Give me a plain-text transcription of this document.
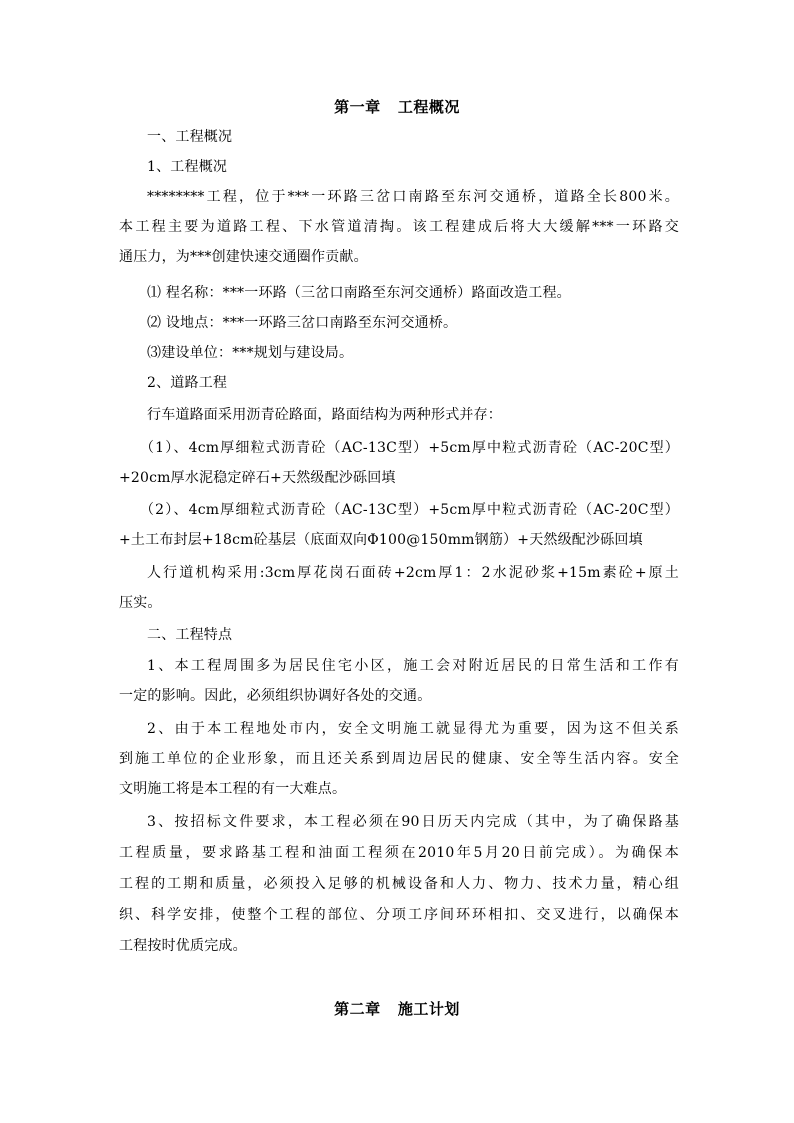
第一章   工程概况
一、工程概况
1、工程概况
********工程，位于***一环路三岔口南路至东河交通桥，道路全长800米。
本工程主要为道路工程、下水管道清掏。该工程建成后将大大缓解***一环路交
通压力，为***创建快速交通圈作贡献。
⑴ 程名称：***一环路（三岔口南路至东河交通桥）路面改造工程。
⑵ 设地点：***一环路三岔口南路至东河交通桥。
⑶建设单位：***规划与建设局。
2、道路工程
行车道路面采用沥青砼路面，路面结构为两种形式并存：
（1）、4cm厚细粒式沥青砼（AC-13C型）+5cm厚中粒式沥青砼（AC-20C型）
+20cm厚水泥稳定碎石+天然级配沙砾回填
（2）、4cm厚细粒式沥青砼（AC-13C型）+5cm厚中粒式沥青砼（AC-20C型）
+土工布封层+18cm砼基层（底面双向Φ100@150mm钢筋）+天然级配沙砾回填
人行道机构采用:3cm厚花岗石面砖+2cm厚1：2水泥砂浆+15m素砼+原土
压实。
二、工程特点
1、本工程周围多为居民住宅小区，施工会对附近居民的日常生活和工作有
一定的影响。因此，必须组织协调好各处的交通。
2、由于本工程地处市内，安全文明施工就显得尤为重要，因为这不但关系
到施工单位的企业形象，而且还关系到周边居民的健康、安全等生活内容。安全
文明施工将是本工程的有一大难点。
3、按招标文件要求，本工程必须在90日历天内完成（其中，为了确保路基
工程质量，要求路基工程和油面工程须在2010年5月20日前完成）。为确保本
工程的工期和质量，必须投入足够的机械设备和人力、物力、技术力量，精心组
织、科学安排，使整个工程的部位、分项工序间环环相扣、交叉进行，以确保本
工程按时优质完成。
第二章   施工计划
